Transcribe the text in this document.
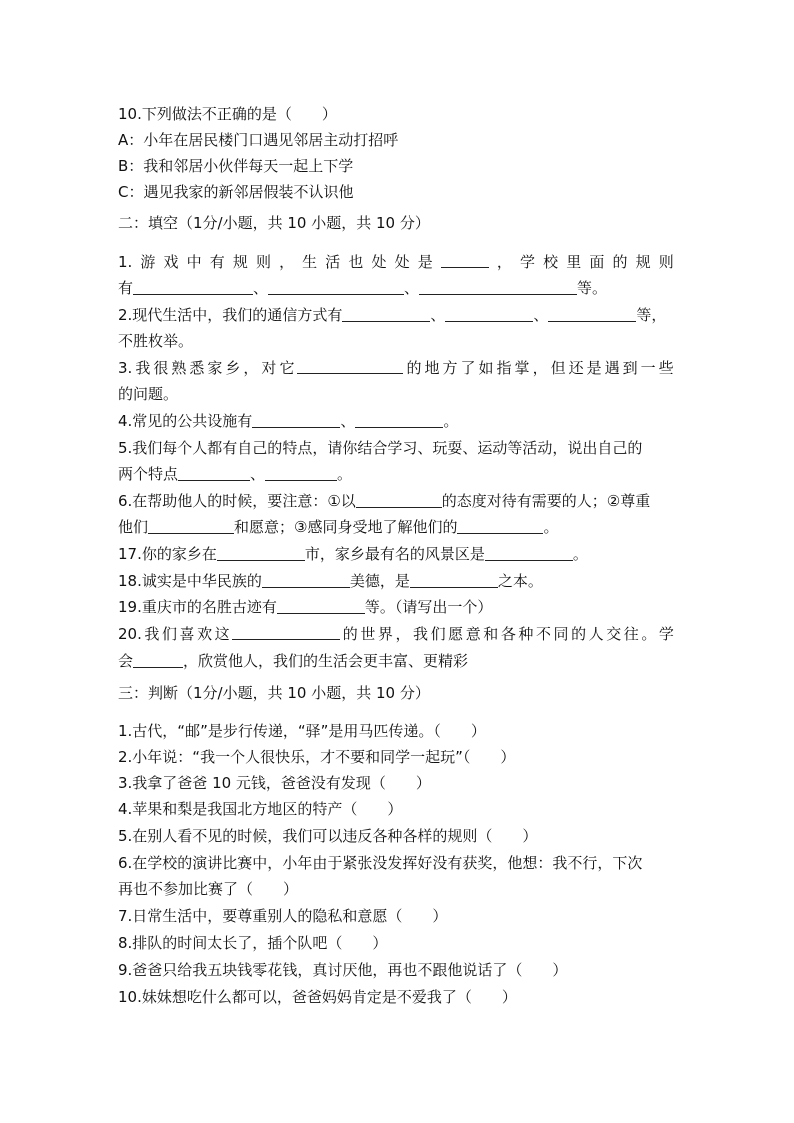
10.下列做法不正确的是（　　）
A：小年在居民楼门口遇见邻居主动打招呼
B：我和邻居小伙伴每天一起上下学
C：遇见我家的新邻居假装不认识他
二：填空（1分/小题，共 10 小题，共 10 分）
1. 游 戏 中 有 规 则 ， 生 活 也 处 处 是	， 学 校 里 面 的 规 则
有	、	、	等。
2.现代生活中，我们的通信方式有	、	、	等，
不胜枚举。
3. 我 很 熟 悉 家 乡 ， 对 它	的 地 方 了 如 指 掌 ， 但 还 是 遇 到 一 些
的问题。
4.常见的公共设施有	、	。
5.我们每个人都有自己的特点，请你结合学习、玩耍、运动等活动，说出自己的
两个特点	、	。
6.在帮助他人的时候，要注意：①以	的态度对待有需要的人；②尊重
他们	和愿意；③感同身受地了解他们的	。
17.你的家乡在	市，家乡最有名的风景区是	。
18.诚实是中华民族的	美德，是	之本。
19.重庆市的名胜古迹有	等。（请写出一个）
20. 我 们 喜 欢 这	的 世 界 ， 我 们 愿 意 和 各 种 不 同 的 人 交 往 。 学
会	，欣赏他人，我们的生活会更丰富、更精彩
三：判断（1分/小题，共 10 小题，共 10 分）
1.古代，“邮”是步行传递，“驿”是用马匹传递。（　　）
2.小年说：“我一个人很快乐，才不要和同学一起玩”（　　）
3.我拿了爸爸 10 元钱，爸爸没有发现（　　）
4.苹果和梨是我国北方地区的特产（　　）
5.在别人看不见的时候，我们可以违反各种各样的规则（　　）
6.在学校的演讲比赛中，小年由于紧张没发挥好没有获奖，他想：我不行，下次
再也不参加比赛了（　　）
7.日常生活中，要尊重别人的隐私和意愿（　　）
8.排队的时间太长了，插个队吧（　　）
9.爸爸只给我五块钱零花钱，真讨厌他，再也不跟他说话了（　　）
10.妹妹想吃什么都可以，爸爸妈妈肯定是不爱我了（　　）
